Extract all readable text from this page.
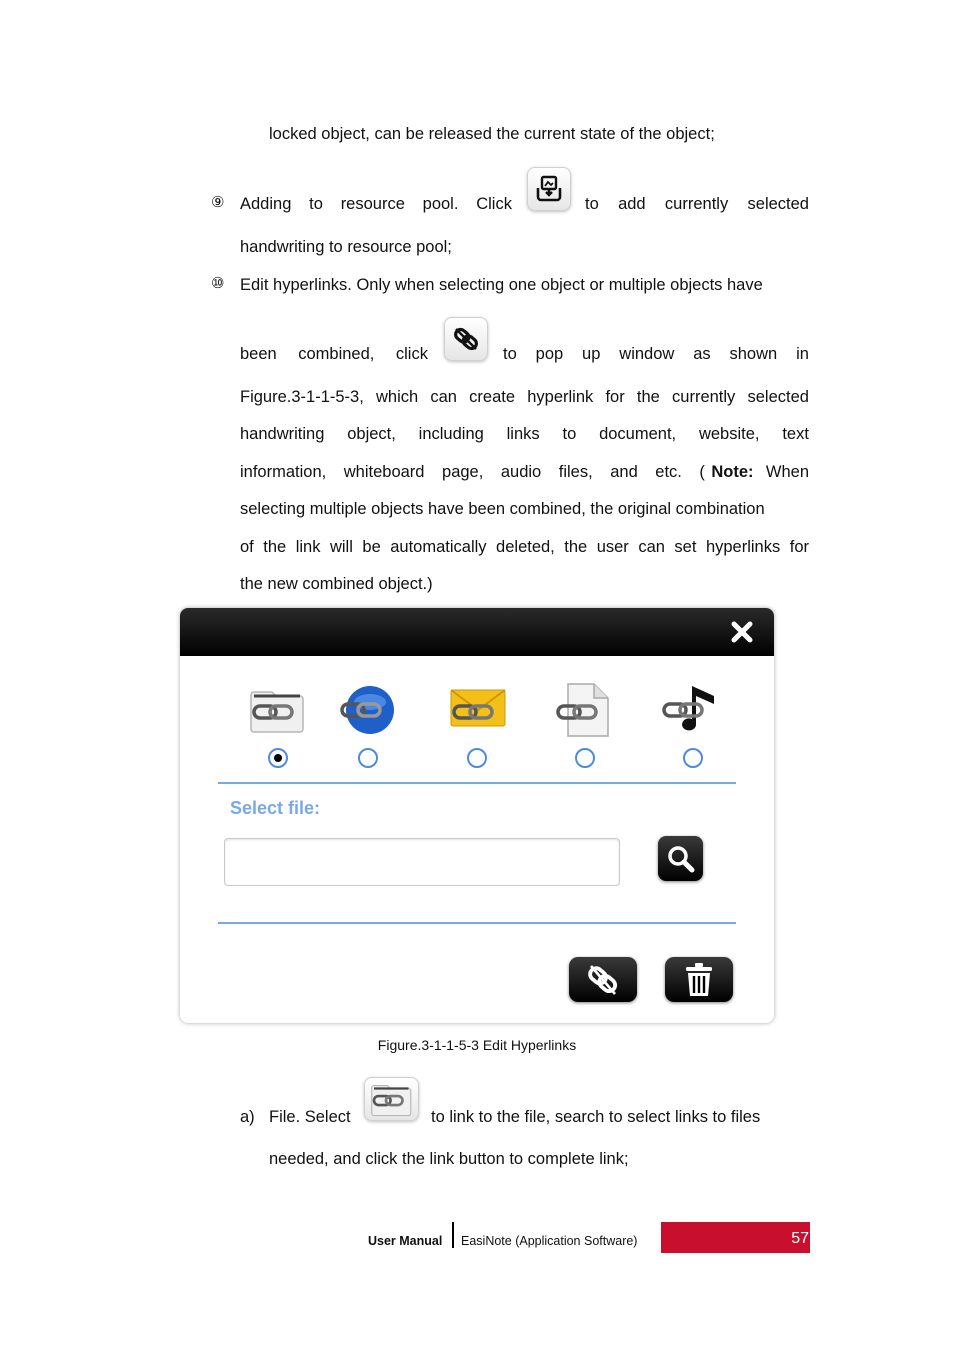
locked object, can be released the current state of the object;
⑨ Adding to resource pool. Click	to add currently selected
handwriting to resource pool;
⑩ Edit hyperlinks. Only when selecting one object or multiple objects have
been combined, click	to pop up window as shown in
Figure.3-1-1-5-3, which can create hyperlink for the currently selected
handwriting object, including links to document, website, text
information, whiteboard page, audio files, and etc. ( Note: When
selecting multiple objects have been combined, the original combination
of the link will be automatically deleted, the user can set hyperlinks for
the new combined object.)
Select file:
Figure.3-1-1-5-3 Edit Hyperlinks
a) File. Select	to link to the file, search to select links to files
needed, and click the link button to complete link;
User Manual EasiNote (Application Software)	57
